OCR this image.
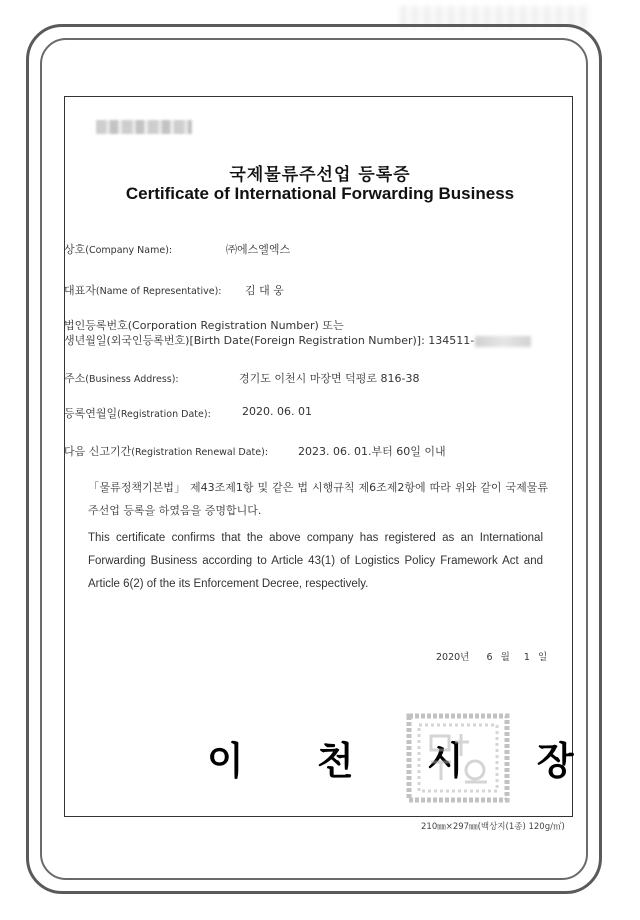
국제물류주선업 등록증
Certificate of International Forwarding Business
상호(Company Name):	㈜에스엘엑스
대표자(Name of Representative): 김 대 웅
법인등록번호(Corporation Registration Number) 또는
생년월일(외국인등록번호)[Birth Date(Foreign Registration Number)]: 134511-
주소(Business Address):	경기도 이천시 마장면 덕평로 816-38
등록연월일(Registration Date):	2020. 06. 01
다음 신고기간(Registration Renewal Date):	2023. 06. 01.부터 60일 이내
「물류정책기본법」 제43조제1항 및 같은 법 시행규칙 제6조제2항에 따라 위와 같이 국제물류주선업 등록을 하였음을 증명합니다.
This certificate confirms that the above company has registered as an International Forwarding Business according to Article 43(1) of Logistics Policy Framework Act and Article 6(2) of the its Enforcement Decree, respectively.
2020년 6 월 1 일
이 천 시 장
210㎜×297㎜(백상지(1종) 120g/㎡)
